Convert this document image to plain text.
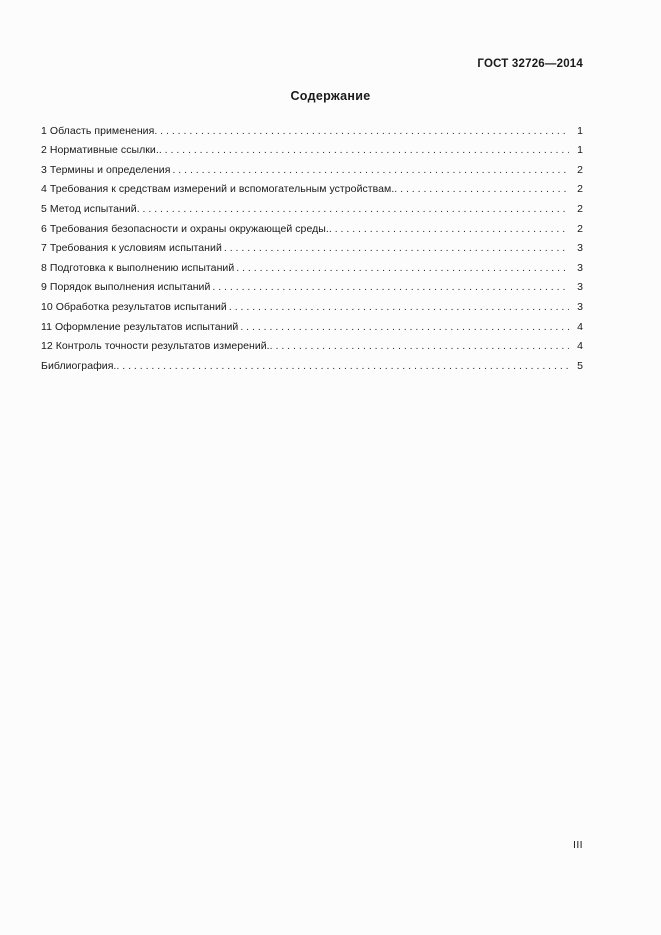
ГОСТ 32726—2014
Содержание
1 Область применения . . .	1
2 Нормативные ссылки. . . .	1
3 Термины и определения . . .	2
4 Требования к средствам измерений и вспомогательным устройствам. . . .	2
5 Метод испытаний . . .	2
6 Требования безопасности и охраны окружающей среды. . . .	2
7 Требования к условиям испытаний . . .	3
8 Подготовка к выполнению испытаний . . .	3
9 Порядок выполнения испытаний . . .	3
10 Обработка результатов испытаний . . .	3
11 Оформление результатов испытаний . . .	4
12 Контроль точности результатов измерений. . . .	4
Библиография. . . .	5
III
